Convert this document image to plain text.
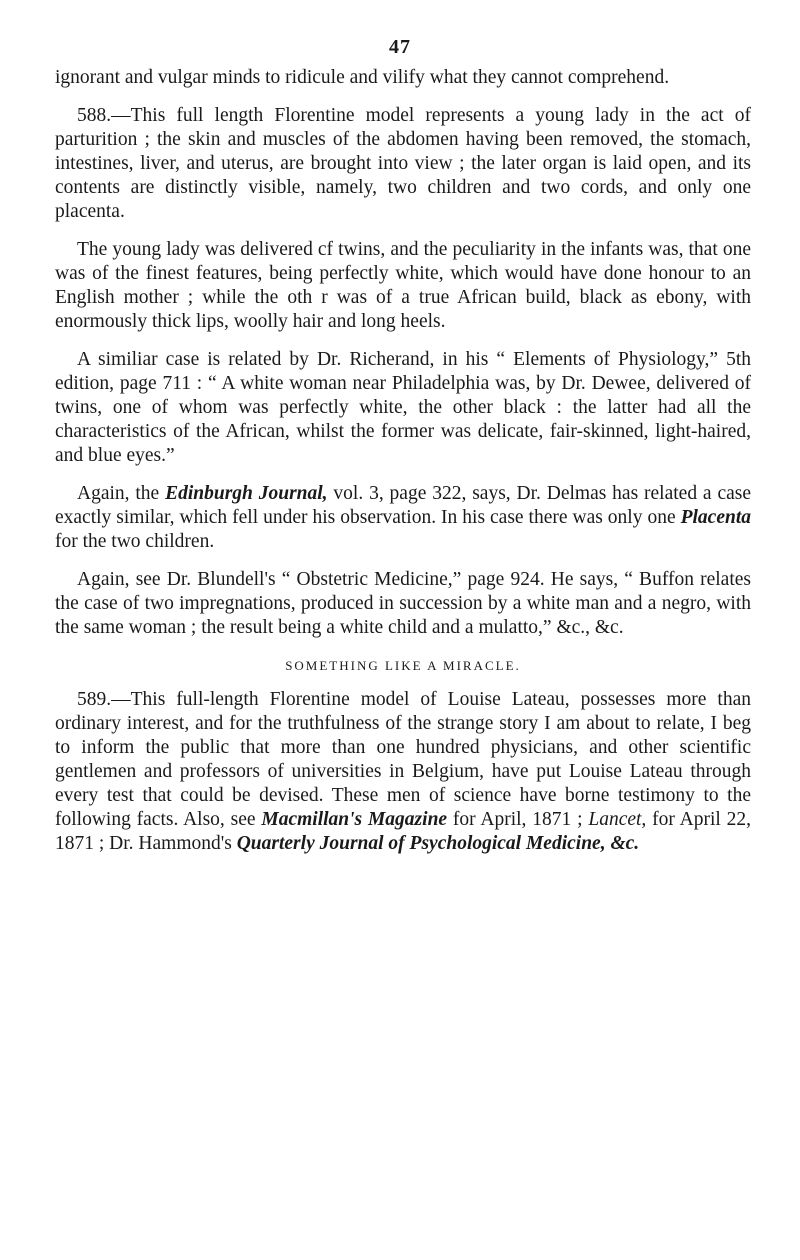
47

ignorant and vulgar minds to ridicule and vilify what they cannot comprehend.

588.—This full length Florentine model represents a young lady in the act of parturition ; the skin and muscles of the abdomen having been removed, the stomach, intestines, liver, and uterus, are brought into view ; the later organ is laid open, and its contents are distinctly visible, namely, two children and two cords, and only one placenta.

The young lady was delivered cf twins, and the peculiarity in the infants was, that one was of the finest features, being perfectly white, which would have done honour to an English mother ; while the oth r was of a true African build, black as ebony, with enormously thick lips, woolly hair and long heels.

A similiar case is related by Dr. Richerand, in his “ Elements of Physiology,” 5th edition, page 711 : “ A white woman near Philadelphia was, by Dr. Dewee, delivered of twins, one of whom was perfectly white, the other black : the latter had all the characteristics of the African, whilst the former was delicate, fair-skinned, light-haired, and blue eyes.”

Again, the Edinburgh Journal, vol. 3, page 322, says, Dr. Delmas has related a case exactly similar, which fell under his observation. In his case there was only one Placenta for the two children.

Again, see Dr. Blundell's “ Obstetric Medicine,” page 924. He says, “ Buffon relates the case of two impregnations, produced in succession by a white man and a negro, with the same woman ; the result being a white child and a mulatto,” &c., &c.

SOMETHING LIKE A MIRACLE.

589.—This full-length Florentine model of Louise Lateau, possesses more than ordinary interest, and for the truthfulness of the strange story I am about to relate, I beg to inform the public that more than one hundred physicians, and other scientific gentlemen and professors of universities in Belgium, have put Louise Lateau through every test that could be devised. These men of science have borne testimony to the following facts. Also, see Macmillan's Magazine for April, 1871 ; Lancet, for April 22, 1871 ; Dr. Hammond's Quarterly Journal of Psychological Medicine, &c.
